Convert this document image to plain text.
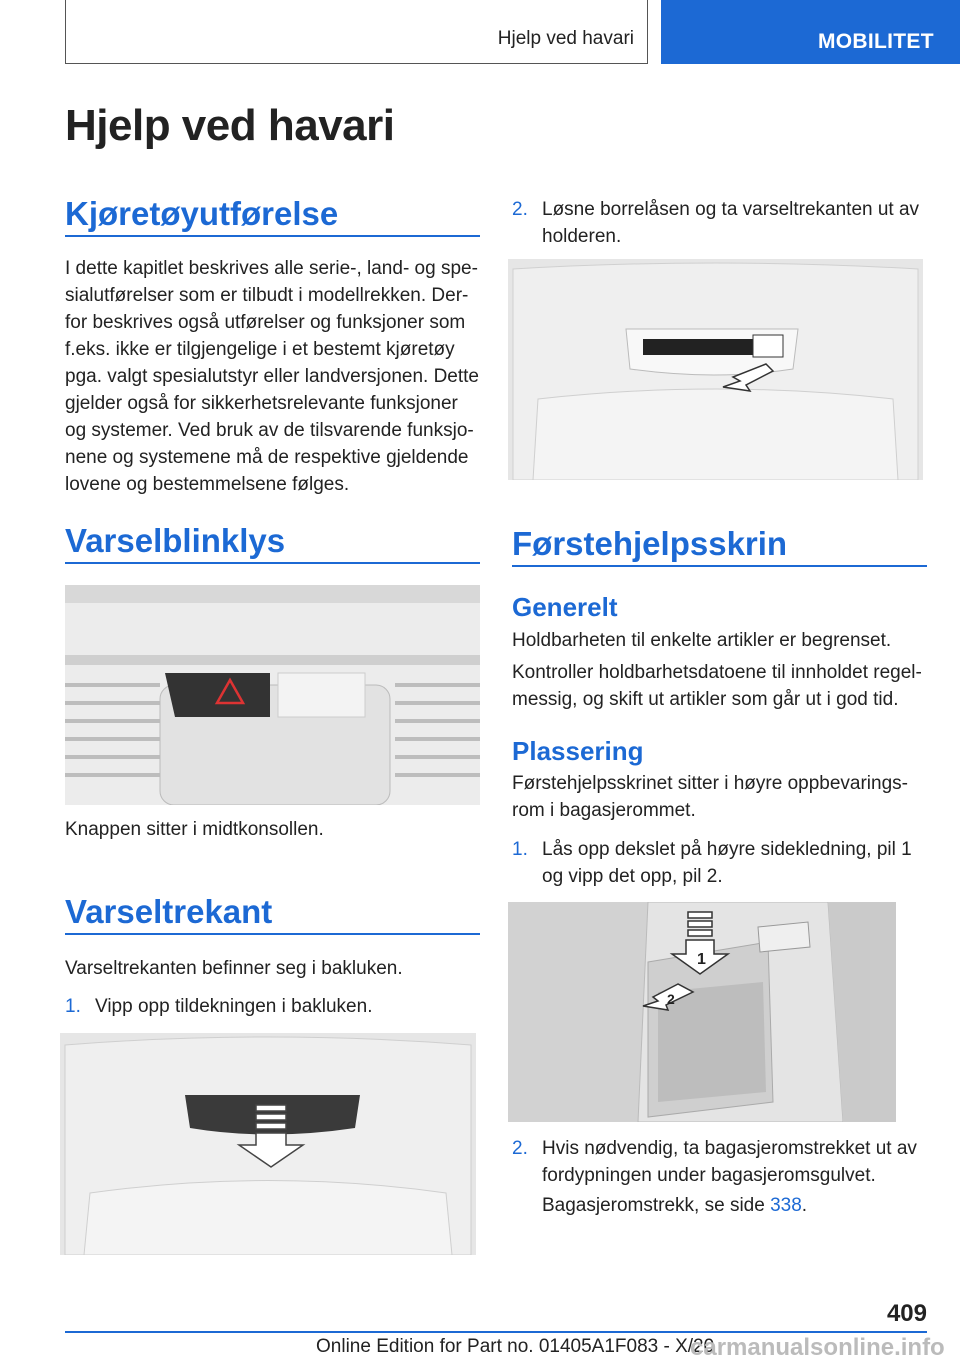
Hjelp ved havari	MOBILITET
Hjelp ved havari
Kjøretøyutførelse
I dette kapitlet beskrives alle serie-, land- og spe-
sialutførelser som er tilbudt i modellrekken. Der-
for beskrives også utførelser og funksjoner som
f.eks. ikke er tilgjengelige i et bestemt kjøretøy
pga. valgt spesialutstyr eller landversjonen. Dette
gjelder også for sikkerhetsrelevante funksjoner
og systemer. Ved bruk av de tilsvarende funksjo-
nene og systemene må de respektive gjeldende
lovene og bestemmelsene følges.
Varselblinklys
Knappen sitter i midtkonsollen.
Varseltrekant
Varseltrekanten befinner seg i bakluken.
1. Vipp opp tildekningen i bakluken.
2. Løsne borrelåsen og ta varseltrekanten ut av
holderen.
Førstehjelpsskrin
Generelt
Holdbarheten til enkelte artikler er begrenset.
Kontroller holdbarhetsdatoene til innholdet regel-
messig, og skift ut artikler som går ut i god tid.
Plassering
Førstehjelpsskrinet sitter i høyre oppbevarings-
rom i bagasjerommet.
1. Lås opp dekslet på høyre sidekledning, pil 1
og vipp det opp, pil 2.
1
2
2. Hvis nødvendig, ta bagasjeromstrekket ut av
fordypningen under bagasjeromsgulvet.
Bagasjeromstrekk, se side 338.
409
Online Edition for Part no. 01405A1F083 - X/20
carmanualsonline.info
